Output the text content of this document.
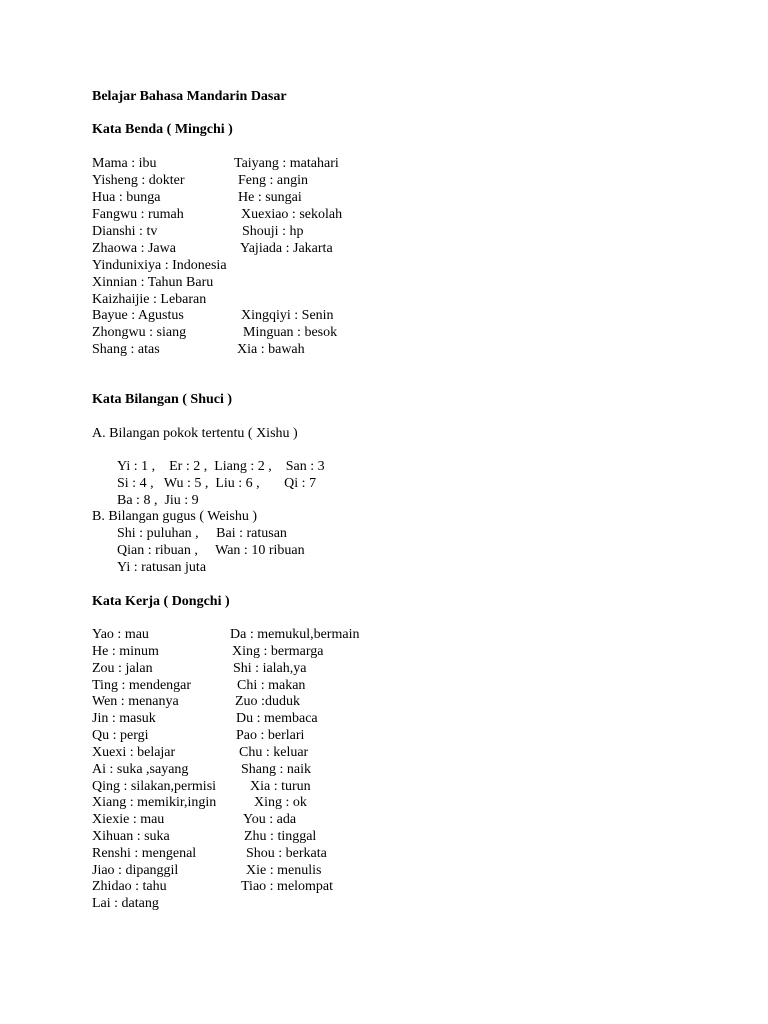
Belajar Bahasa Mandarin Dasar
Kata Benda ( Mingchi )
Mama : ibu	Taiyang : matahari
Yisheng : dokter	Feng : angin
Hua : bunga	He : sungai
Fangwu : rumah	Xuexiao : sekolah
Dianshi : tv	Shouji : hp
Zhaowa : Jawa	Yajiada : Jakarta
Yindunixiya : Indonesia
Xinnian : Tahun Baru
Kaizhaijie : Lebaran
Bayue : Agustus	Xingqiyi : Senin
Zhongwu : siang	Minguan : besok
Shang : atas	Xia : bawah
Kata Bilangan ( Shuci )
A. Bilangan pokok tertentu ( Xishu )
Yi : 1 ,    Er : 2 ,  Liang : 2 ,    San : 3
Si : 4 ,   Wu : 5 ,  Liu : 6 ,       Qi : 7
Ba : 8 ,  Jiu : 9
B. Bilangan gugus ( Weishu )
Shi : puluhan ,     Bai : ratusan
Qian : ribuan ,     Wan : 10 ribuan
Yi : ratusan juta
Kata Kerja ( Dongchi )
Yao : mau	Da : memukul,bermain
He : minum	Xing : bermarga
Zou : jalan	Shi : ialah,ya
Ting : mendengar	Chi : makan
Wen : menanya	Zuo :duduk
Jin : masuk	Du : membaca
Qu : pergi	Pao : berlari
Xuexi : belajar	Chu : keluar
Ai : suka ,sayang	Shang : naik
Qing : silakan,permisi Xia : turun
Xiang : memikir,ingin	Xing : ok
Xiexie : mau	You : ada
Xihuan : suka	Zhu : tinggal
Renshi : mengenal	Shou : berkata
Jiao : dipanggil	Xie : menulis
Zhidao : tahu	Tiao : melompat
Lai : datang
